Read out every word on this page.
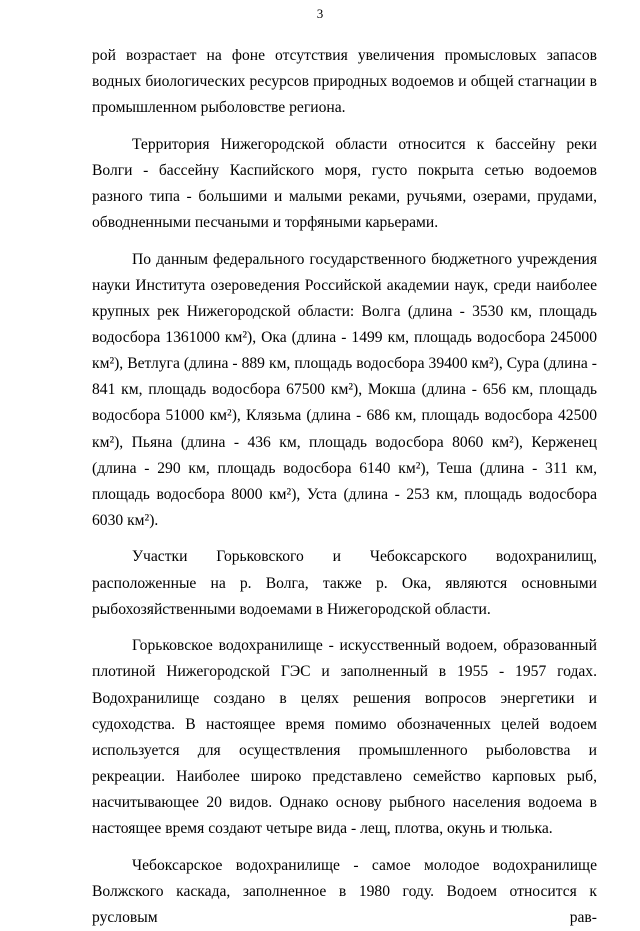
3

рой возрастает на фоне отсутствия увеличения промысловых запасов водных биологических ресурсов природных водоемов и общей стагнации в промышленном рыболовстве региона.

Территория Нижегородской области относится к бассейну реки Волги - бассейну Каспийского моря, густо покрыта сетью водоемов разного типа - большими и малыми реками, ручьями, озерами, прудами, обводненными песчаными и торфяными карьерами.

По данным федерального государственного бюджетного учреждения науки Института озероведения Российской академии наук, среди наиболее крупных рек Нижегородской области: Волга (длина - 3530 км, площадь водосбора 1361000 км²), Ока (длина - 1499 км, площадь водосбора 245000 км²), Ветлуга (длина - 889 км, площадь водосбора 39400 км²), Сура (длина - 841 км, площадь водосбора 67500 км²), Мокша (длина - 656 км, площадь водосбора 51000 км²), Клязьма (длина - 686 км, площадь водосбора 42500 км²), Пьяна (длина - 436 км, площадь водосбора 8060 км²), Керженец (длина - 290 км, площадь водосбора 6140 км²), Теша (длина - 311 км, площадь водосбора 8000 км²), Уста (длина - 253 км, площадь водосбора 6030 км²).

Участки Горьковского и Чебоксарского водохранилищ, расположенные на р. Волга, также р. Ока, являются основными рыбохозяйственными водоемами в Нижегородской области.

Горьковское водохранилище - искусственный водоем, образованный плотиной Нижегородской ГЭС и заполненный в 1955 - 1957 годах. Водохранилище создано в целях решения вопросов энергетики и судоходства. В настоящее время помимо обозначенных целей водоем используется для осуществления промышленного рыболовства и рекреации. Наиболее широко представлено семейство карповых рыб, насчитывающее 20 видов. Однако основу рыбного населения водоема в настоящее время создают четыре вида - лещ, плотва, окунь и тюлька.

Чебоксарское водохранилище - самое молодое водохранилище Волжского каскада, заполненное в 1980 году. Водоем относится к русловым рав-
